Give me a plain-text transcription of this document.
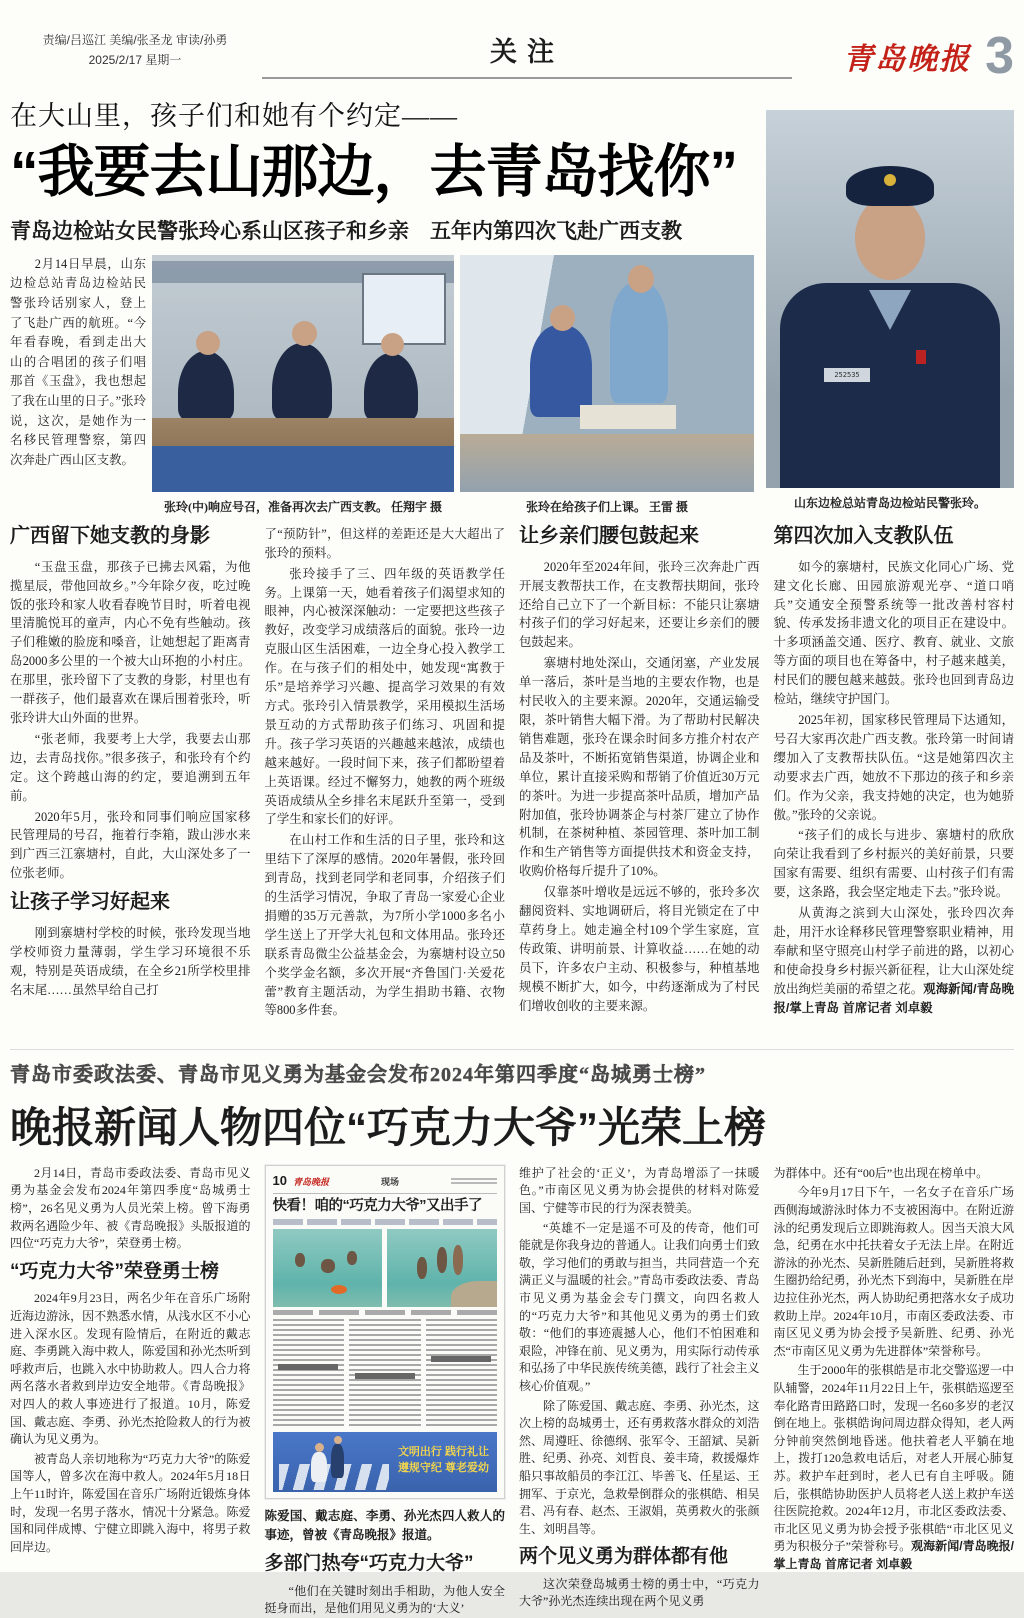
责编/吕巡江 美编/张圣龙 审读/孙勇
2025/2/17 星期一	关注	青岛晚报 3
在大山里，孩子们和她有个约定——
“我要去山那边，去青岛找你”
青岛边检站女民警张玲心系山区孩子和乡亲　五年内第四次飞赴广西支教

2月14日早晨，山东边检总站青岛边检站民警张玲话别家人，登上了飞赴广西的航班。“今年看春晚，看到走出大山的合唱团的孩子们唱那首《玉盘》，我也想起了我在山里的日子。”张玲说，这次，是她作为一名移民管理警察，第四次奔赴广西山区支教。

张玲(中)响应号召，准备再次去广西支教。 任翔宇 摄	张玲在给孩子们上课。 王雷 摄
252535
山东边检总站青岛边检站民警张玲。
广西留下她支教的身影

“玉盘玉盘，那孩子已拂去风霜，为他揽星辰，带他回故乡。”今年除夕夜，吃过晚饭的张玲和家人收看春晚节目时，听着电视里清脆悦耳的童声，内心不免有些触动。孩子们稚嫩的脸庞和嗓音，让她想起了距离青岛2000多公里的一个被大山环抱的小村庄。在那里，张玲留下了支教的身影，村里也有一群孩子，他们最喜欢在课后围着张玲，听张玲讲大山外面的世界。

“张老师，我要考上大学，我要去山那边，去青岛找你。”很多孩子，和张玲有个约定。这个跨越山海的约定，要追溯到五年前。

2020年5月，张玲和同事们响应国家移民管理局的号召，拖着行李箱，跋山涉水来到广西三江寨塘村，自此，大山深处多了一位张老师。

让孩子学习好起来

刚到寨塘村学校的时候，张玲发现当地学校师资力量薄弱，学生学习环境很不乐观，特别是英语成绩，在全乡21所学校里排名末尾……虽然早给自己打

了“预防针”，但这样的差距还是大大超出了张玲的预料。

张玲接手了三、四年级的英语教学任务。上课第一天，她看着孩子们渴望求知的眼神，内心被深深触动：一定要把这些孩子教好，改变学习成绩落后的面貌。张玲一边克服山区生活困难，一边全身心投入教学工作。在与孩子们的相处中，她发现“寓教于乐”是培养学习兴趣、提高学习效果的有效方式。张玲引入情景教学，采用模拟生活场景互动的方式帮助孩子们练习、巩固和提升。孩子学习英语的兴趣越来越浓，成绩也越来越好。一段时间下来，孩子们都盼望着上英语课。经过不懈努力，她教的两个班级英语成绩从全乡排名末尾跃升至第一，受到了学生和家长们的好评。

在山村工作和生活的日子里，张玲和这里结下了深厚的感情。2020年暑假，张玲回到青岛，找到老同学和老同事，介绍孩子们的生活学习情况，争取了青岛一家爱心企业捐赠的35万元善款，为7所小学1000多名小学生送上了开学大礼包和文体用品。张玲还联系青岛微尘公益基金会，为寨塘村设立50个奖学金名额，多次开展“齐鲁国门·关爱花蕾”教育主题活动，为学生捐助书籍、衣物等800多件套。

让乡亲们腰包鼓起来

2020年至2024年间，张玲三次奔赴广西开展支教帮扶工作，在支教帮扶期间，张玲还给自己立下了一个新目标：不能只让寨塘村孩子们的学习好起来，还要让乡亲们的腰包鼓起来。

寨塘村地处深山，交通闭塞，产业发展单一落后，茶叶是当地的主要农作物，也是村民收入的主要来源。2020年，交通运输受限，茶叶销售大幅下滑。为了帮助村民解决销售难题，张玲在课余时间多方推介村农产品及茶叶，不断拓宽销售渠道，协调企业和单位，累计直接采购和帮销了价值近30万元的茶叶。为进一步提高茶叶品质，增加产品附加值，张玲协调茶企与村茶厂建立了协作机制，在茶树种植、茶园管理、茶叶加工制作和生产销售等方面提供技术和资金支持，收购价格每斤提升了10%。

仅靠茶叶增收是远远不够的，张玲多次翻阅资料、实地调研后，将目光锁定在了中草药身上。她走遍全村109个学生家庭，宣传政策、讲明前景、计算收益……在她的动员下，许多农户主动、积极参与，种植基地规模不断扩大，如今，中药逐渐成为了村民们增收创收的主要来源。

第四次加入支教队伍

如今的寨塘村，民族文化同心广场、党建文化长廊、田园旅游观光亭、“道口哨兵”交通安全预警系统等一批改善村容村貌、传承发扬非遗文化的项目正在建设中。十多项涵盖交通、医疗、教育、就业、文旅等方面的项目也在筹备中，村子越来越美，村民们的腰包越来越鼓。张玲也回到青岛边检站，继续守护国门。

2025年初，国家移民管理局下达通知，号召大家再次赴广西支教。张玲第一时间请缨加入了支教帮扶队伍。“这是她第四次主动要求去广西，她放不下那边的孩子和乡亲们。作为父亲，我支持她的决定，也为她骄傲。”张玲的父亲说。

“孩子们的成长与进步、寨塘村的欣欣向荣让我看到了乡村振兴的美好前景，只要国家有需要、组织有需要、山村孩子们有需要，这条路，我会坚定地走下去。”张玲说。

从黄海之滨到大山深处，张玲四次奔赴，用汗水诠释移民管理警察职业精神，用奉献和坚守照亮山村学子前进的路，以初心和使命投身乡村振兴新征程，让大山深处绽放出绚烂美丽的希望之花。观海新闻/青岛晚报/掌上青岛 首席记者 刘卓毅

青岛市委政法委、青岛市见义勇为基金会发布2024年第四季度“岛城勇士榜”
晚报新闻人物四位“巧克力大爷”光荣上榜

2月14日，青岛市委政法委、青岛市见义勇为基金会发布2024年第四季度“岛城勇士榜”，26名见义勇为人员光荣上榜。曾下海勇救两名遇险少年、被《青岛晚报》头版报道的四位“巧克力大爷”，荣登勇士榜。

“巧克力大爷”荣登勇士榜

2024年9月23日，两名少年在音乐广场附近海边游泳，因不熟悉水情，从浅水区不小心进入深水区。发现有险情后，在附近的戴志庭、李勇跳入海中救人，陈爱国和孙光杰听到呼救声后，也跳入水中协助救人。四人合力将两名落水者救到岸边安全地带。《青岛晚报》对四人的救人事迹进行了报道。10月，陈爱国、戴志庭、李勇、孙光杰抢险救人的行为被确认为见义勇为。

被青岛人亲切地称为“巧克力大爷”的陈爱国等人，曾多次在海中救人。2024年5月18日上午11时许，陈爱国在音乐广场附近锻炼身体时，发现一名男子落水，情况十分紧急。陈爱国和同伴成博、宁健立即跳入海中，将男子救回岸边。

10 青岛晚报	现场
快看！咱的“巧克力大爷”又出手了
文明出行 践行礼让
遵规守纪 尊老爱幼
陈爱国、戴志庭、李勇、孙光杰四人救人的事迹，曾被《青岛晚报》报道。
多部门热夸“巧克力大爷”

“他们在关键时刻出手相助，为他人安全挺身而出，是他们用见义勇为的‘大义’

维护了社会的‘正义’，为青岛增添了一抹暖色。”市南区见义勇为协会提供的材料对陈爱国、宁健等市民的行为深表赞美。

“英雄不一定是遥不可及的传奇，他们可能就是你我身边的普通人。让我们向勇士们致敬，学习他们的勇敢与担当，共同营造一个充满正义与温暖的社会。”青岛市委政法委、青岛市见义勇为基金会专门撰文，向四名救人的“巧克力大爷”和其他见义勇为的勇士们致敬：“他们的事迹震撼人心，他们不怕困难和艰险，冲锋在前、见义勇为，用实际行动传承和弘扬了中华民族传统美德，践行了社会主义核心价值观。”

除了陈爱国、戴志庭、李勇、孙光杰，这次上榜的岛城勇士，还有勇救落水群众的刘浩然、周遵旺、徐德纲、张军令、王韶斌、吴新胜、纪勇、孙亮、刘哲良、姜丰琦，救援爆炸船只事故船员的李江江、毕善飞、任星运、王拥军、于京光，急救晕倒群众的张棋皓、相吴君、冯有春、赵杰、王淑娟，英勇救火的张颜生、刘明昌等。

两个见义勇为群体都有他

这次荣登岛城勇士榜的勇士中，“巧克力大爷”孙光杰连续出现在两个见义勇

为群体中。还有“00后”也出现在榜单中。

今年9月17日下午，一名女子在音乐广场西侧海域游泳时体力不支被困海中。在附近游泳的纪勇发现后立即跳海救人。因当天浪大风急，纪勇在水中托扶着女子无法上岸。在附近游泳的孙光杰、吴新胜随后赶到，吴新胜将救生圈扔给纪勇，孙光杰下到海中，吴新胜在岸边拉住孙光杰，两人协助纪勇把落水女子成功救助上岸。2024年10月，市南区委政法委、市南区见义勇为协会授予吴新胜、纪勇、孙光杰“市南区见义勇为先进群体”荣誉称号。

生于2000年的张棋皓是市北交警巡逻一中队辅警，2024年11月22日上午，张棋皓巡逻至奉化路青田路路口时，发现一名60多岁的老汉倒在地上。张棋皓询问周边群众得知，老人两分钟前突然倒地昏迷。他扶着老人平躺在地上，拨打120急救电话后，对老人开展心肺复苏。救护车赶到时，老人已有自主呼吸。随后，张棋皓协助医护人员将老人送上救护车送往医院抢救。2024年12月，市北区委政法委、市北区见义勇为协会授予张棋皓“市北区见义勇为积极分子”荣誉称号。观海新闻/青岛晚报/掌上青岛 首席记者 刘卓毅
